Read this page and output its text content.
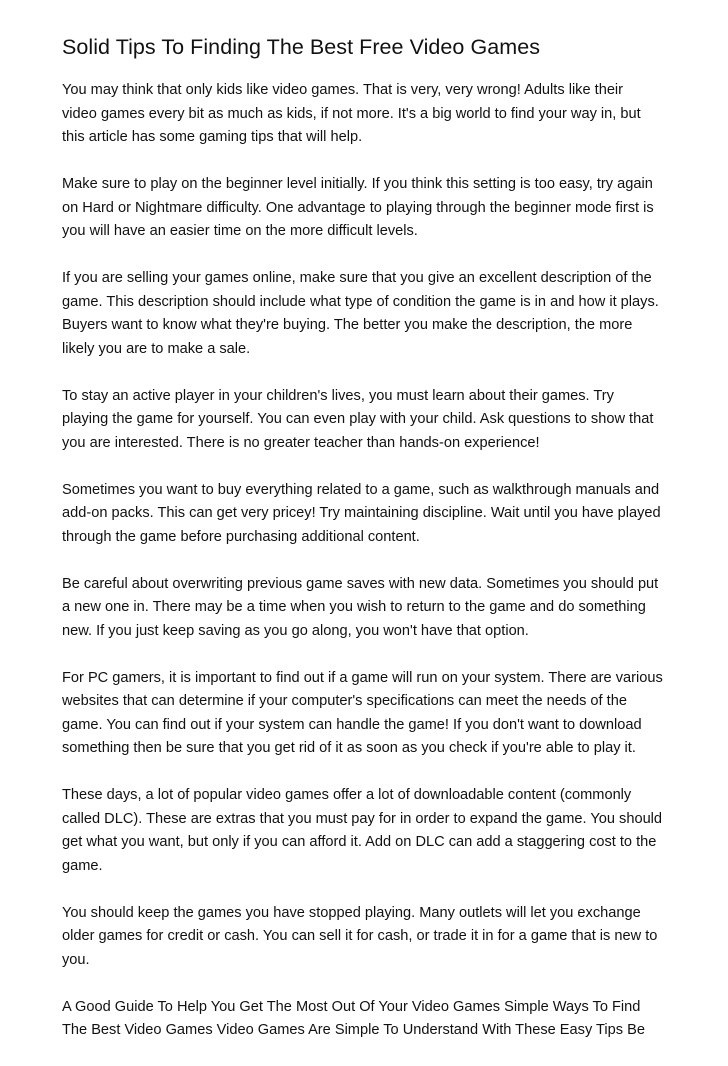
Solid Tips To Finding The Best Free Video Games

You may think that only kids like video games. That is very, very wrong! Adults like their
video games every bit as much as kids, if not more. It's a big world to find your way in, but
this article has some gaming tips that will help.

Make sure to play on the beginner level initially. If you think this setting is too easy, try again
on Hard or Nightmare difficulty. One advantage to playing through the beginner mode first is
you will have an easier time on the more difficult levels.

If you are selling your games online, make sure that you give an excellent description of the
game. This description should include what type of condition the game is in and how it plays.
Buyers want to know what they're buying. The better you make the description, the more
likely you are to make a sale.

To stay an active player in your children's lives, you must learn about their games. Try
playing the game for yourself. You can even play with your child. Ask questions to show that
you are interested. There is no greater teacher than hands-on experience!

Sometimes you want to buy everything related to a game, such as walkthrough manuals and
add-on packs. This can get very pricey! Try maintaining discipline. Wait until you have played
through the game before purchasing additional content.

Be careful about overwriting previous game saves with new data. Sometimes you should put
a new one in. There may be a time when you wish to return to the game and do something
new. If you just keep saving as you go along, you won't have that option.

For PC gamers, it is important to find out if a game will run on your system. There are various
websites that can determine if your computer's specifications can meet the needs of the
game. You can find out if your system can handle the game! If you don't want to download
something then be sure that you get rid of it as soon as you check if you're able to play it.

These days, a lot of popular video games offer a lot of downloadable content (commonly
called DLC). These are extras that you must pay for in order to expand the game. You should
get what you want, but only if you can afford it. Add on DLC can add a staggering cost to the
game.

You should keep the games you have stopped playing. Many outlets will let you exchange
older games for credit or cash. You can sell it for cash, or trade it in for a game that is new to
you.

A Good Guide To Help You Get The Most Out Of Your Video Games Simple Ways To Find
The Best Video Games Video Games Are Simple To Understand With These Easy Tips Be
